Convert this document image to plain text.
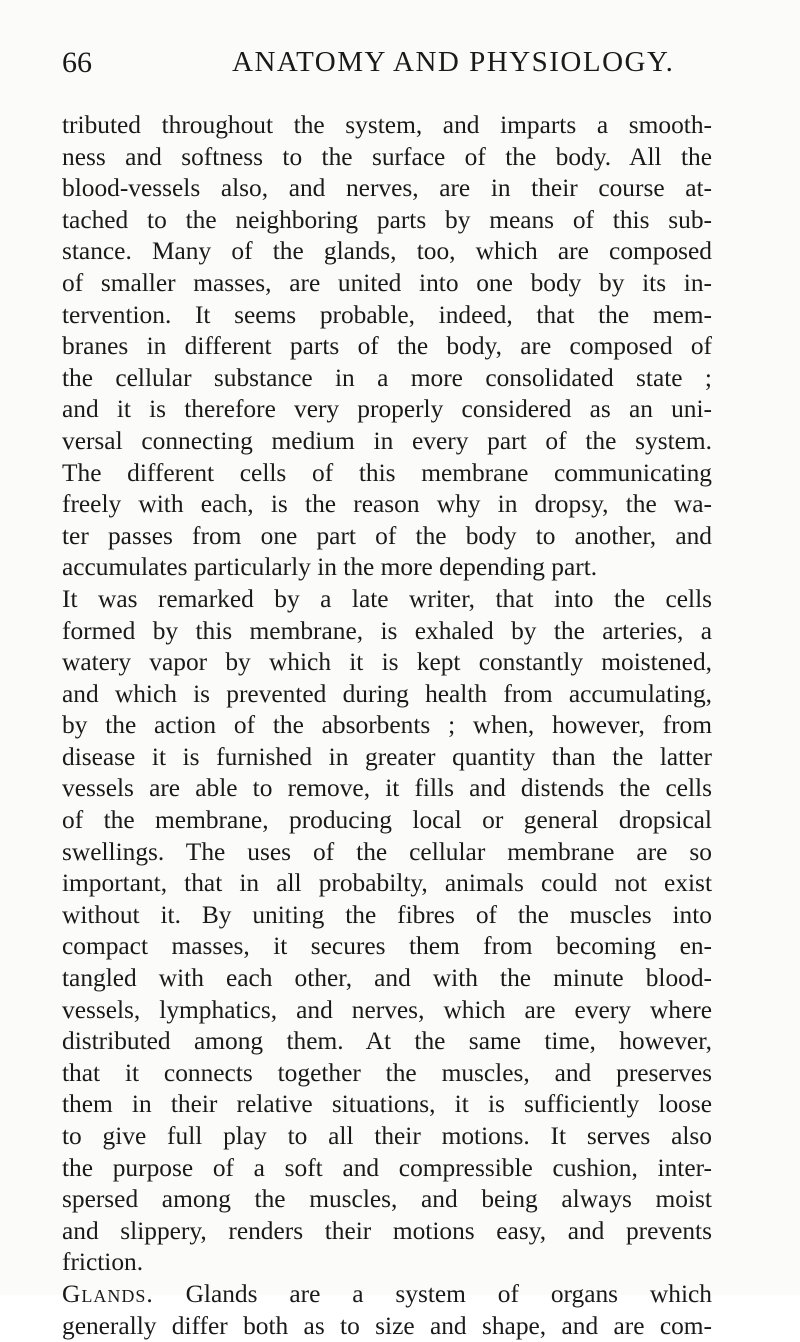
66	ANATOMY AND PHYSIOLOGY.
tributed throughout the system, and imparts a smooth-
ness and softness to the surface of the body. All the
blood-vessels also, and nerves, are in their course at-
tached to the neighboring parts by means of this sub-
stance. Many of the glands, too, which are composed
of smaller masses, are united into one body by its in-
tervention. It seems probable, indeed, that the mem-
branes in different parts of the body, are composed of
the cellular substance in a more consolidated state ;
and it is therefore very properly considered as an uni-
versal connecting medium in every part of the system.
The different cells of this membrane communicating
freely with each, is the reason why in dropsy, the wa-
ter passes from one part of the body to another, and
accumulates particularly in the more depending part.
It was remarked by a late writer, that into the cells
formed by this membrane, is exhaled by the arteries, a
watery vapor by which it is kept constantly moistened,
and which is prevented during health from accumulating,
by the action of the absorbents ; when, however, from
disease it is furnished in greater quantity than the latter
vessels are able to remove, it fills and distends the cells
of the membrane, producing local or general dropsical
swellings. The uses of the cellular membrane are so
important, that in all probabilty, animals could not exist
without it. By uniting the fibres of the muscles into
compact masses, it secures them from becoming en-
tangled with each other, and with the minute blood-
vessels, lymphatics, and nerves, which are every where
distributed among them. At the same time, however,
that it connects together the muscles, and preserves
them in their relative situations, it is sufficiently loose
to give full play to all their motions. It serves also
the purpose of a soft and compressible cushion, inter-
spersed among the muscles, and being always moist
and slippery, renders their motions easy, and prevents
friction.
Glands. Glands are a system of organs which
generally differ both as to size and shape, and are com-
